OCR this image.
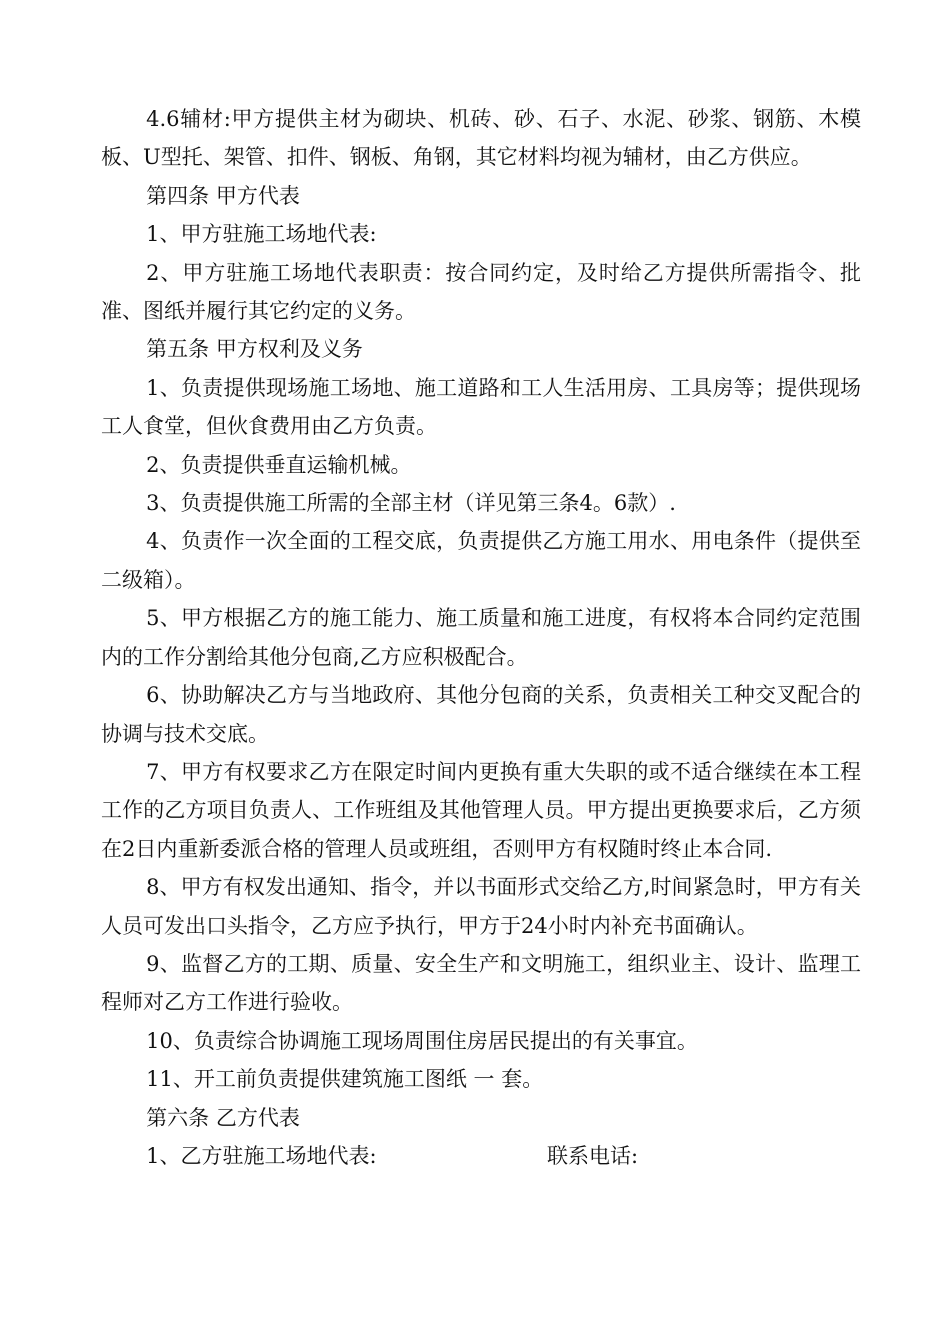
4.6辅材:甲方提供主材为砌块、机砖、砂、石子、水泥、砂浆、钢筋、木模板、U型托、架管、扣件、钢板、角钢，其它材料均视为辅材，由乙方供应。

第四条 甲方代表

1、甲方驻施工场地代表:

2、甲方驻施工场地代表职责：按合同约定，及时给乙方提供所需指令、批准、图纸并履行其它约定的义务。

第五条 甲方权利及义务

1、负责提供现场施工场地、施工道路和工人生活用房、工具房等；提供现场工人食堂，但伙食费用由乙方负责。

2、负责提供垂直运输机械。

3、负责提供施工所需的全部主材（详见第三条4。6款）.

4、负责作一次全面的工程交底，负责提供乙方施工用水、用电条件（提供至二级箱）。

5、甲方根据乙方的施工能力、施工质量和施工进度，有权将本合同约定范围内的工作分割给其他分包商,乙方应积极配合。

6、协助解决乙方与当地政府、其他分包商的关系，负责相关工种交叉配合的协调与技术交底。

7、甲方有权要求乙方在限定时间内更换有重大失职的或不适合继续在本工程工作的乙方项目负责人、工作班组及其他管理人员。甲方提出更换要求后，乙方须在2日内重新委派合格的管理人员或班组，否则甲方有权随时终止本合同.

8、甲方有权发出通知、指令，并以书面形式交给乙方,时间紧急时，甲方有关人员可发出口头指令，乙方应予执行，甲方于24小时内补充书面确认。

9、监督乙方的工期、质量、安全生产和文明施工，组织业主、设计、监理工程师对乙方工作进行验收。

10、负责综合协调施工现场周围住房居民提出的有关事宜。

11、开工前负责提供建筑施工图纸 一 套。

第六条 乙方代表

1、乙方驻施工场地代表:	联系电话:
